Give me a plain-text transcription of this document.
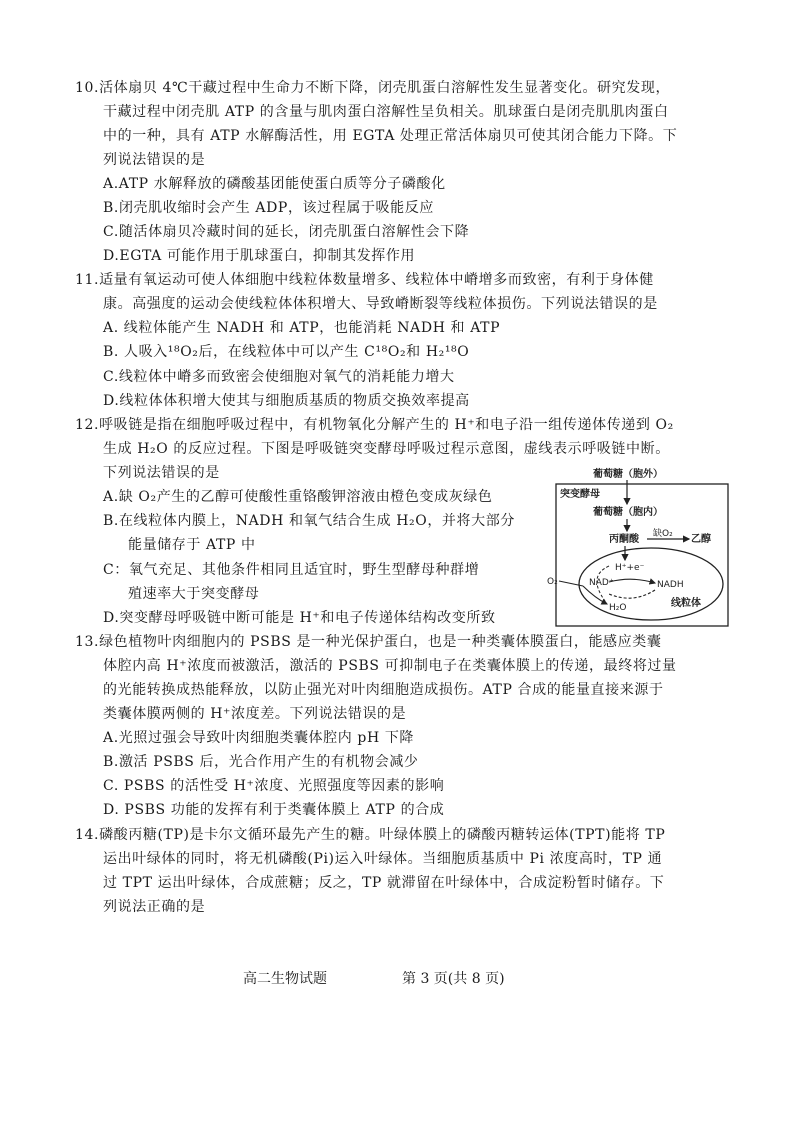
10.活体扇贝 4℃干藏过程中生命力不断下降，闭壳肌蛋白溶解性发生显著变化。研究发现，
干藏过程中闭壳肌 ATP 的含量与肌肉蛋白溶解性呈负相关。肌球蛋白是闭壳肌肌肉蛋白
中的一种，具有 ATP 水解酶活性，用 EGTA 处理正常活体扇贝可使其闭合能力下降。下
列说法错误的是
A.ATP 水解释放的磷酸基团能使蛋白质等分子磷酸化
B.闭壳肌收缩时会产生 ADP，该过程属于吸能反应
C.随活体扇贝冷藏时间的延长，闭壳肌蛋白溶解性会下降
D.EGTA 可能作用于肌球蛋白，抑制其发挥作用
11.适量有氧运动可使人体细胞中线粒体数量增多、线粒体中嵴增多而致密，有利于身体健
康。高强度的运动会使线粒体体积增大、导致嵴断裂等线粒体损伤。下列说法错误的是
A. 线粒体能产生 NADH 和 ATP，也能消耗 NADH 和 ATP
B. 人吸入¹⁸O₂后，在线粒体中可以产生 C¹⁸O₂和 H₂¹⁸O
C.线粒体中嵴多而致密会使细胞对氧气的消耗能力增大
D.线粒体体积增大使其与细胞质基质的物质交换效率提高
12.呼吸链是指在细胞呼吸过程中，有机物氧化分解产生的 H⁺和电子沿一组传递体传递到 O₂
生成 H₂O 的反应过程。下图是呼吸链突变酵母呼吸过程示意图，虚线表示呼吸链中断。
下列说法错误的是
A.缺 O₂产生的乙醇可使酸性重铬酸钾溶液由橙色变成灰绿色
B.在线粒体内膜上，NADH 和氧气结合生成 H₂O，并将大部分
能量储存于 ATP 中
C：氧气充足、其他条件相同且适宜时，野生型酵母种群增
殖速率大于突变酵母
D.突变酵母呼吸链中断可能是 H⁺和电子传递体结构改变所致
葡萄糖（胞外）
突变酵母
葡萄糖（胞内）
丙酮酸 缺O₂ 乙醇
H⁺+e⁻
NAD⁺	NADH
O₂
H₂O	线粒体
13.绿色植物叶肉细胞内的 PSBS 是一种光保护蛋白，也是一种类囊体膜蛋白，能感应类囊
体腔内高 H⁺浓度而被激活，激活的 PSBS 可抑制电子在类囊体膜上的传递，最终将过量
的光能转换成热能释放，以防止强光对叶肉细胞造成损伤。ATP 合成的能量直接来源于
类囊体膜两侧的 H⁺浓度差。下列说法错误的是
A.光照过强会导致叶肉细胞类囊体腔内 pH 下降
B.激活 PSBS 后，光合作用产生的有机物会减少
C. PSBS 的活性受 H⁺浓度、光照强度等因素的影响
D. PSBS 功能的发挥有利于类囊体膜上 ATP 的合成
14.磷酸丙糖(TP)是卡尔文循环最先产生的糖。叶绿体膜上的磷酸丙糖转运体(TPT)能将 TP
运出叶绿体的同时，将无机磷酸(Pi)运入叶绿体。当细胞质基质中 Pi 浓度高时，TP 通
过 TPT 运出叶绿体，合成蔗糖；反之，TP 就滞留在叶绿体中，合成淀粉暂时储存。下
列说法正确的是
高二生物试题	第 3 页(共 8 页)
